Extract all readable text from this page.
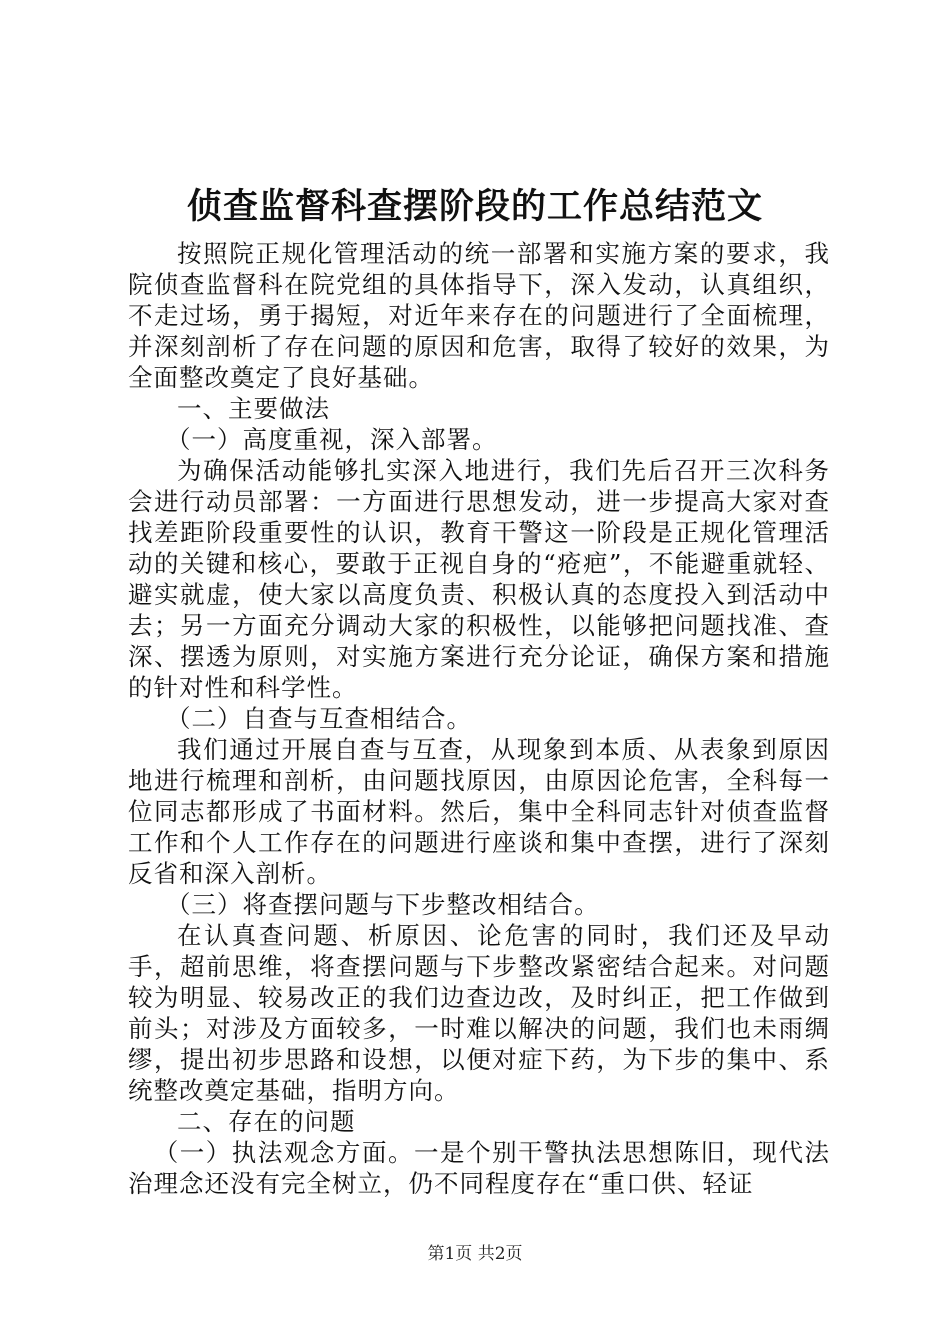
侦查监督科查摆阶段的工作总结范文

按照院正规化管理活动的统一部署和实施方案的要求，我院侦查监督科在院党组的具体指导下，深入发动，认真组织，不走过场，勇于揭短，对近年来存在的问题进行了全面梳理，并深刻剖析了存在问题的原因和危害，取得了较好的效果，为全面整改奠定了良好基础。

一、主要做法

（一）高度重视，深入部署。

为确保活动能够扎实深入地进行，我们先后召开三次科务会进行动员部署：一方面进行思想发动，进一步提高大家对查找差距阶段重要性的认识，教育干警这一阶段是正规化管理活动的关键和核心，要敢于正视自身的“疮疤”，不能避重就轻、避实就虚，使大家以高度负责、积极认真的态度投入到活动中去；另一方面充分调动大家的积极性，以能够把问题找准、查深、摆透为原则，对实施方案进行充分论证，确保方案和措施的针对性和科学性。

（二）自查与互查相结合。

我们通过开展自查与互查，从现象到本质、从表象到原因地进行梳理和剖析，由问题找原因，由原因论危害，全科每一位同志都形成了书面材料。然后，集中全科同志针对侦查监督工作和个人工作存在的问题进行座谈和集中查摆，进行了深刻反省和深入剖析。

（三）将查摆问题与下步整改相结合。

在认真查问题、析原因、论危害的同时，我们还及早动手，超前思维，将查摆问题与下步整改紧密结合起来。对问题较为明显、较易改正的我们边查边改，及时纠正，把工作做到前头；对涉及方面较多，一时难以解决的问题，我们也未雨绸缪，提出初步思路和设想，以便对症下药，为下步的集中、系统整改奠定基础，指明方向。

二、存在的问题

（一）执法观念方面。一是个别干警执法思想陈旧，现代法治理念还没有完全树立，仍不同程度存在“重口供、轻证

第1页 共2页
